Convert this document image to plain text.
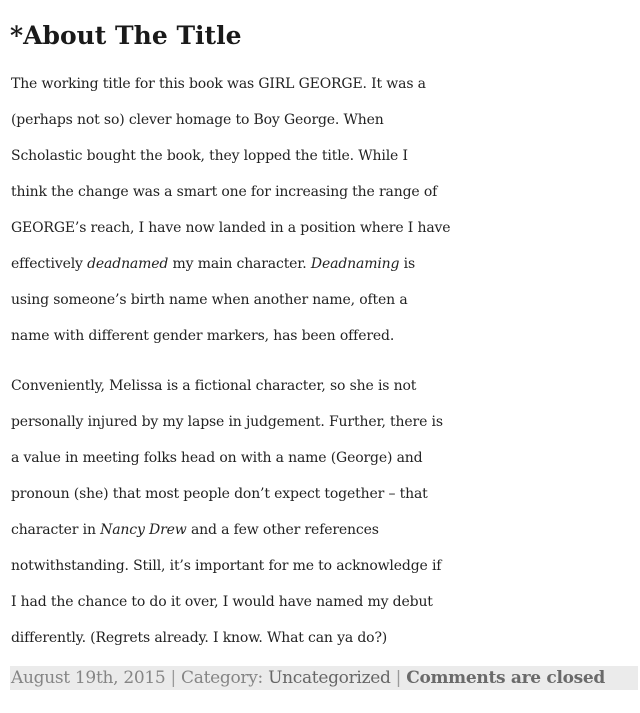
*About The Title
The working title for this book was GIRL GEORGE. It was a
(perhaps not so) clever homage to Boy George. When
Scholastic bought the book, they lopped the title. While I
think the change was a smart one for increasing the range of
GEORGE’s reach, I have now landed in a position where I have
effectively deadnamed my main character. Deadnaming is
using someone’s birth name when another name, often a
name with different gender markers, has been offered.
Conveniently, Melissa is a fictional character, so she is not
personally injured by my lapse in judgement. Further, there is
a value in meeting folks head on with a name (George) and
pronoun (she) that most people don’t expect together – that
character in Nancy Drew and a few other references
notwithstanding. Still, it’s important for me to acknowledge if
I had the chance to do it over, I would have named my debut
differently. (Regrets already. I know. What can ya do?)
August 19th, 2015 | Category: Uncategorized | Comments are closed
